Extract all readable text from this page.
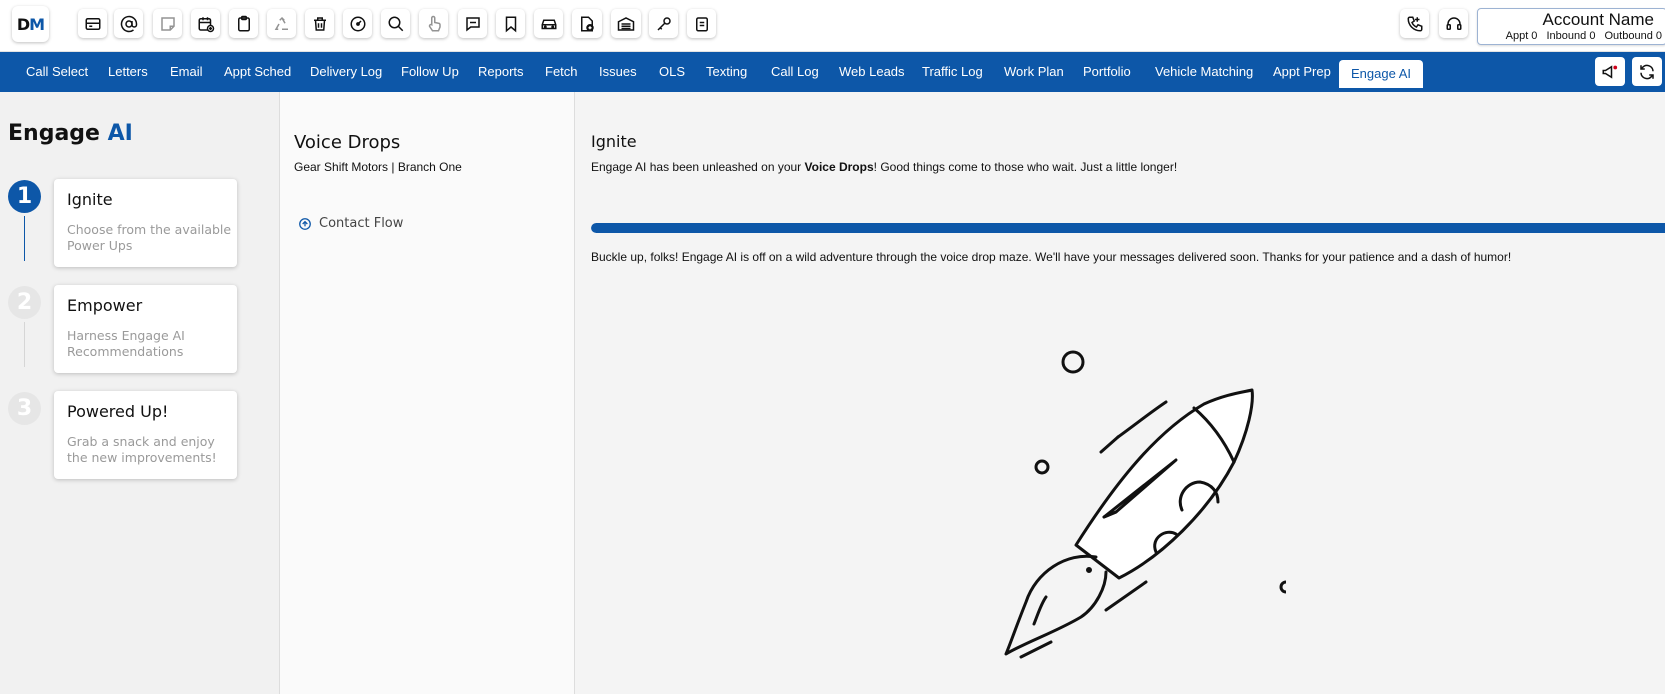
D M	Account Name
Appt 0 Inbound 0 Outbound 0
Call Select Letters Email Appt Sched Delivery Log Follow Up Reports Fetch Issues OLS Texting Call Log Web Leads Traffic Log Work Plan Portfolio Vehicle Matching Appt Prep	Engage AI
Engage AI
1	Ignite
Choose from the available Power Ups
2	Empower
Harness Engage AI Recommendations
3	Powered Up!
Grab a snack and enjoy the new improvements!
Voice Drops
Gear Shift Motors | Branch One
Contact Flow
Ignite
Engage AI has been unleashed on your Voice Drops! Good things come to those who wait. Just a little longer!
Buckle up, folks! Engage AI is off on a wild adventure through the voice drop maze. We'll have your messages delivered soon. Thanks for your patience and a dash of humor!
